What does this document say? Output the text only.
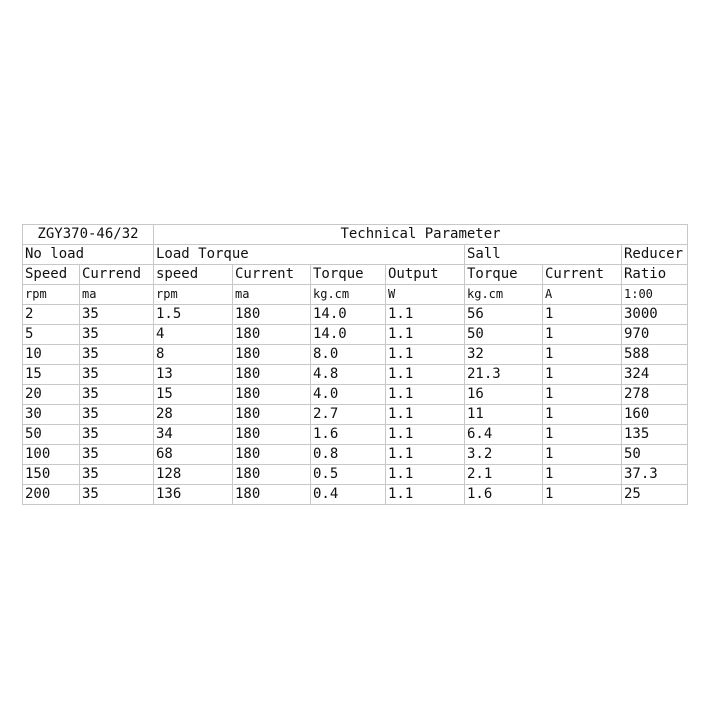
ZGY370-46/32		Technical Parameter						
No load		Load Torque				Sall		Reducer
Speed	Currend	speed	Current	Torque	Output	Torque	Current	Ratio
rpm	ma	rpm	ma	kg.cm	W	kg.cm	A	1:00
2	35	1.5	180	14.0	1.1	56	1	3000
5	35	4	180	14.0	1.1	50	1	970
10	35	8	180	8.0	1.1	32	1	588
15	35	13	180	4.8	1.1	21.3	1	324
20	35	15	180	4.0	1.1	16	1	278
30	35	28	180	2.7	1.1	11	1	160
50	35	34	180	1.6	1.1	6.4	1	135
100	35	68	180	0.8	1.1	3.2	1	50
150	35	128	180	0.5	1.1	2.1	1	37.3
200	35	136	180	0.4	1.1	1.6	1	25
